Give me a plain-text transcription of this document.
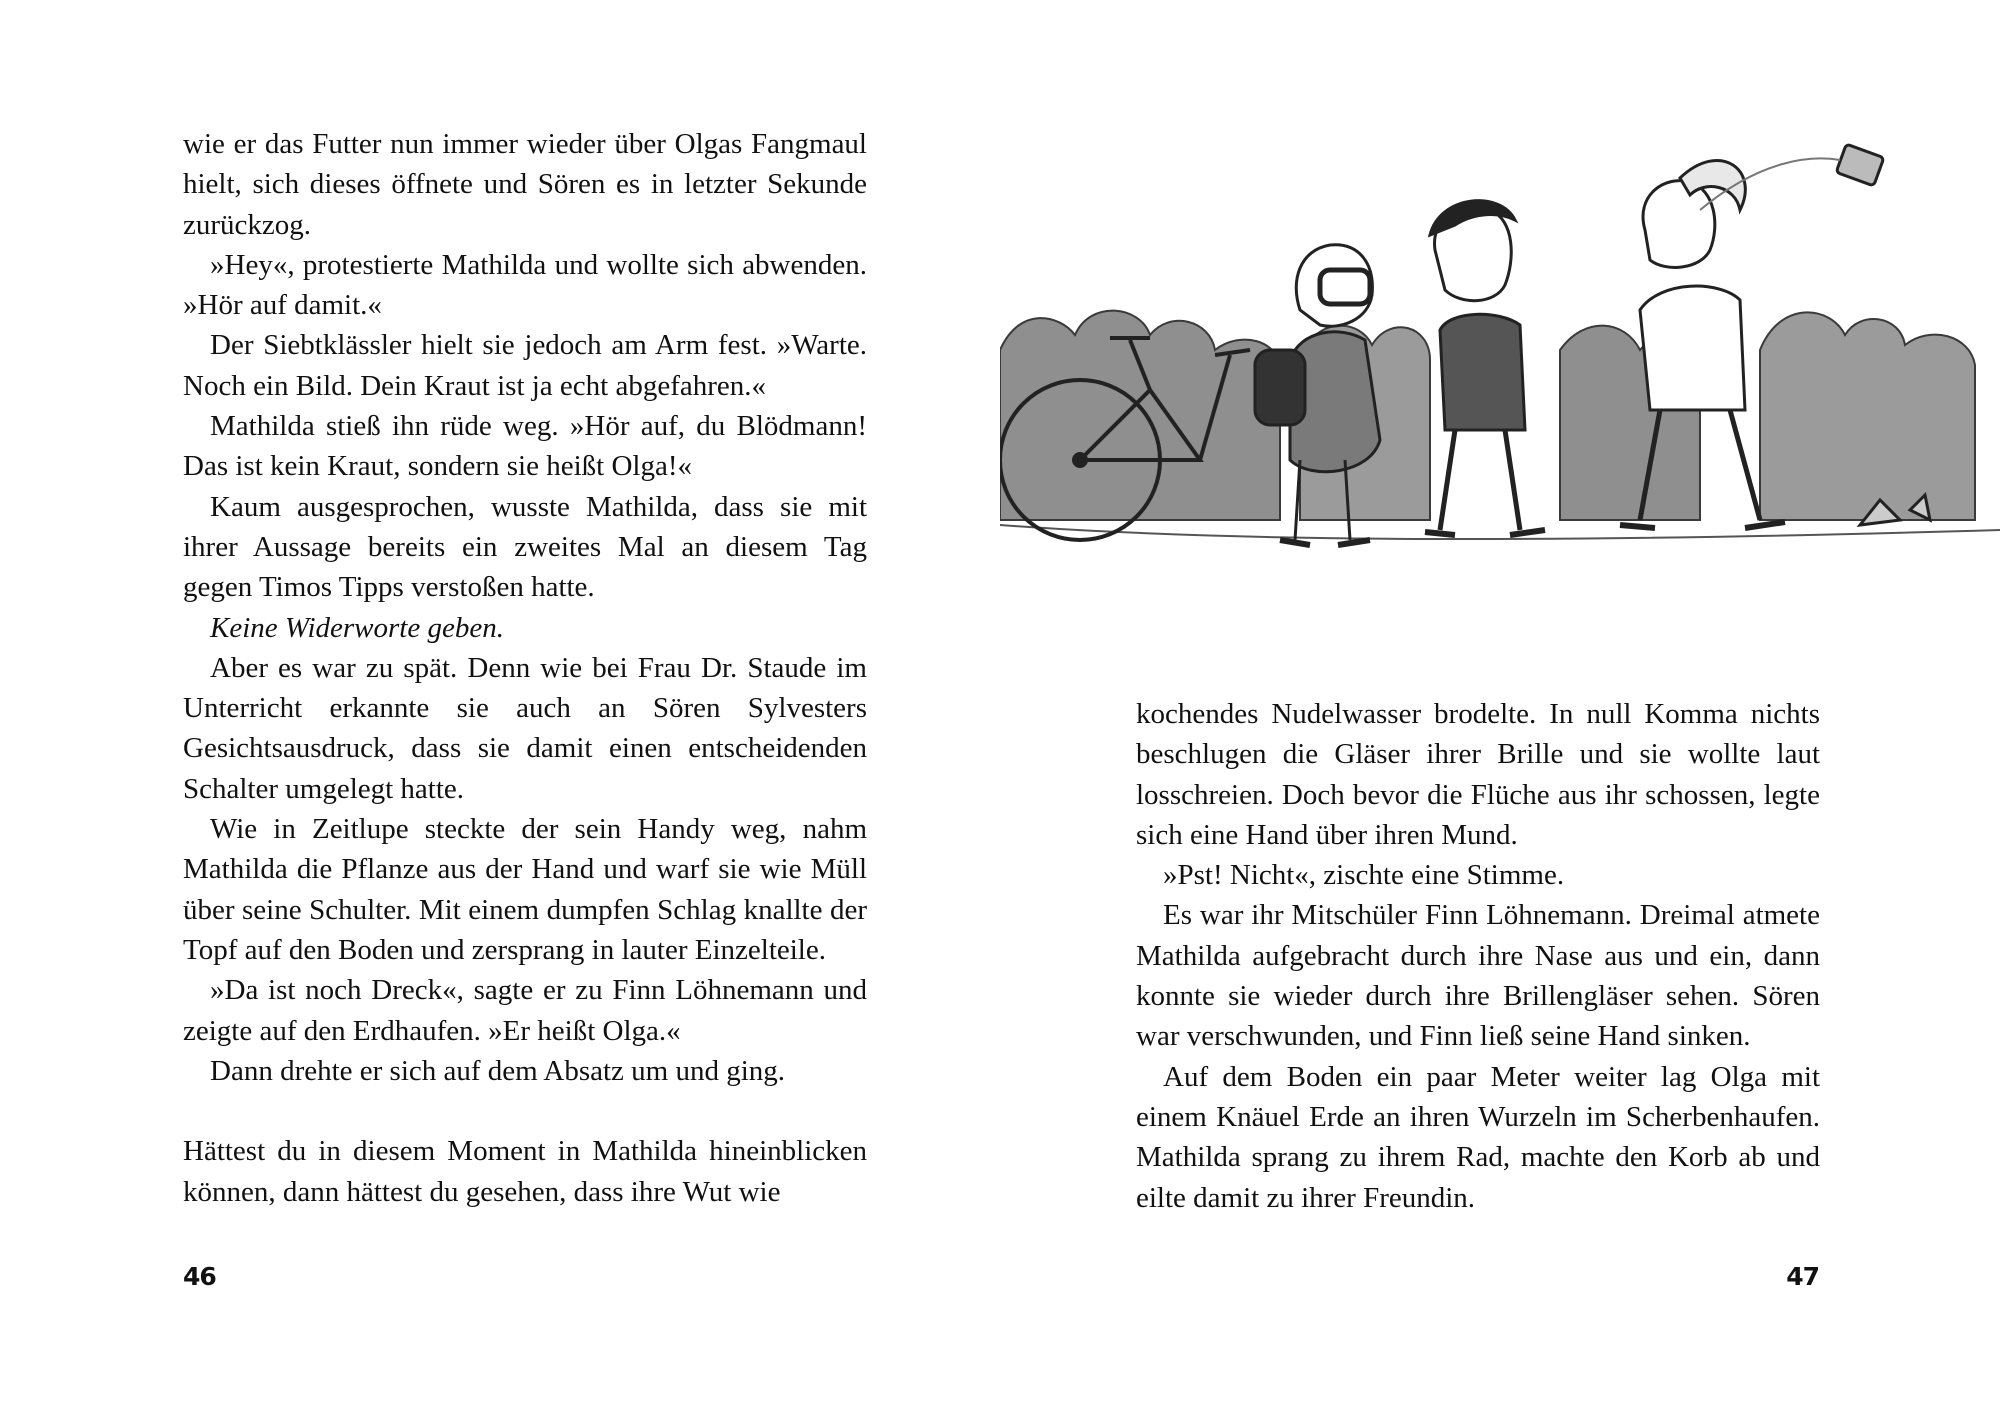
wie er das Futter nun immer wieder über Olgas Fangmaul hielt, sich dieses öffnete und Sören es in letzter Sekunde zurückzog.

»Hey«, protestierte Mathilda und wollte sich abwenden. »Hör auf damit.«

Der Siebtklässler hielt sie jedoch am Arm fest. »Warte. Noch ein Bild. Dein Kraut ist ja echt abgefahren.«

Mathilda stieß ihn rüde weg. »Hör auf, du Blödmann! Das ist kein Kraut, sondern sie heißt Olga!«

Kaum ausgesprochen, wusste Mathilda, dass sie mit ihrer Aussage bereits ein zweites Mal an diesem Tag gegen Timos Tipps verstoßen hatte.

Keine Widerworte geben.

Aber es war zu spät. Denn wie bei Frau Dr. Staude im Unterricht erkannte sie auch an Sören Sylvesters Gesichtsausdruck, dass sie damit einen entscheidenden Schalter umgelegt hatte.

Wie in Zeitlupe steckte der sein Handy weg, nahm Mathilda die Pflanze aus der Hand und warf sie wie Müll über seine Schulter. Mit einem dumpfen Schlag knallte der Topf auf den Boden und zersprang in lauter Einzelteile.

»Da ist noch Dreck«, sagte er zu Finn Löhnemann und zeigte auf den Erdhaufen. »Er heißt Olga.«

Dann drehte er sich auf dem Absatz um und ging.

Hättest du in diesem Moment in Mathilda hineinblicken können, dann hättest du gesehen, dass ihre Wut wie

46

kochendes Nudelwasser brodelte. In null Komma nichts beschlugen die Gläser ihrer Brille und sie wollte laut losschreien. Doch bevor die Flüche aus ihr schossen, legte sich eine Hand über ihren Mund.

»Pst! Nicht«, zischte eine Stimme.

Es war ihr Mitschüler Finn Löhnemann. Dreimal atmete Mathilda aufgebracht durch ihre Nase aus und ein, dann konnte sie wieder durch ihre Brillengläser sehen. Sören war verschwunden, und Finn ließ seine Hand sinken.

Auf dem Boden ein paar Meter weiter lag Olga mit einem Knäuel Erde an ihren Wurzeln im Scherbenhaufen. Mathilda sprang zu ihrem Rad, machte den Korb ab und eilte damit zu ihrer Freundin.

47
